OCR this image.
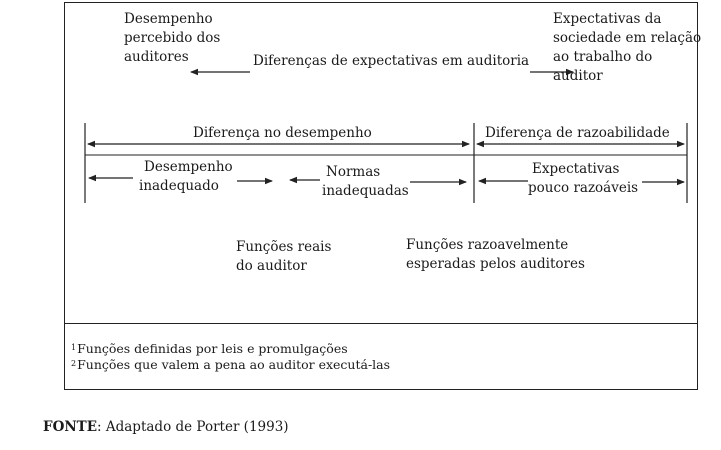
Desempenho
percebido dos
auditores	Diferenças de expectativas em auditoria
Expectativas da
sociedade em relação
ao trabalho do
auditor
Diferença no desempenho	Diferença de razoabilidade
Desempenho
inadequado
Normas
inadequadas
Expectativas
pouco razoáveis
Funções reais
do auditor
Funções razoavelmente
esperadas pelos auditores
$^1$Funções definidas por leis e promulgações
$^2$Funções que valem a pena ao auditor executá-las
FONTE: Adaptado de Porter (1993)
